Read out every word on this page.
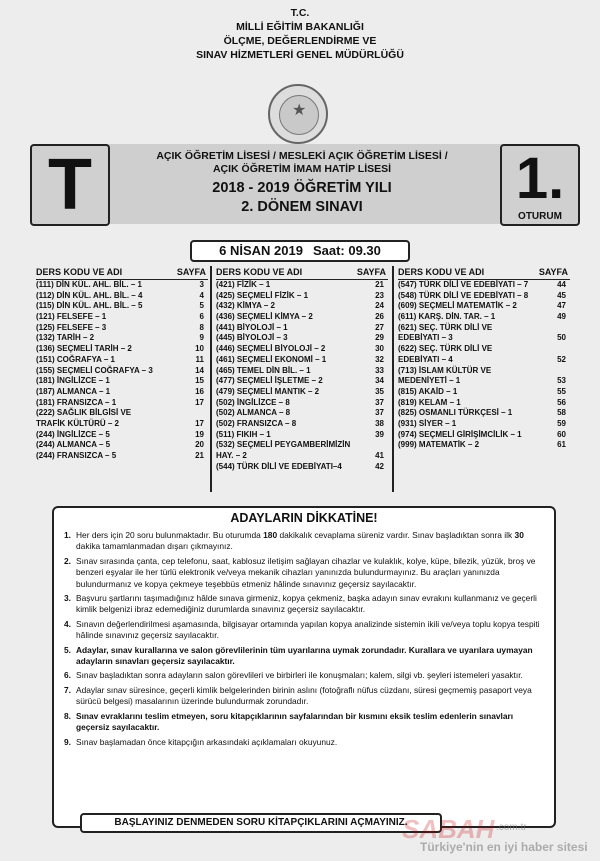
T.C.
MİLLİ EĞİTİM BAKANLIĞI
ÖLÇME, DEĞERLENDİRME VE
SINAV HİZMETLERİ GENEL MÜDÜRLÜĞÜ
★
T	1.
OTURUM
AÇIK ÖĞRETİM LİSESİ / MESLEKİ AÇIK ÖĞRETİM LİSESİ /
AÇIK ÖĞRETİM İMAM HATİP LİSESİ
2018 - 2019 ÖĞRETİM YILI
2. DÖNEM SINAVI
6 NİSAN 2019 Saat: 09.30
DERS KODU VE ADI	SAYFA
(111) DİN KÜL. AHL. BİL. – 1	3
(112) DİN KÜL. AHL. BİL. – 4	4
(115) DİN KÜL. AHL. BİL. – 5	5
(121) FELSEFE – 1	6
(125) FELSEFE – 3	8
(132) TARİH – 2	9
(136) SEÇMELİ TARİH – 2	10
(151) COĞRAFYA – 1	11
(155) SEÇMELİ COĞRAFYA – 3	14
(181) İNGİLİZCE – 1	15
(187) ALMANCA – 1	16
(181) FRANSIZCA – 1	17
(222) SAĞLIK BİLGİSİ VE
TRAFİK KÜLTÜRÜ – 2	17
(244) İNGİLİZCE – 5	19
(244) ALMANCA – 5	20
(244) FRANSIZCA – 5	21
DERS KODU VE ADI	SAYFA
(421) FİZİK – 1	21
(425) SEÇMELİ FİZİK – 1	23
(432) KİMYA – 2	24
(436) SEÇMELİ KİMYA – 2	26
(441) BİYOLOJİ – 1	27
(445) BİYOLOJİ – 3	29
(446) SEÇMELİ BİYOLOJİ – 2	30
(461) SEÇMELİ EKONOMİ – 1	32
(465) TEMEL DİN BİL. – 1	33
(477) SEÇMELİ İŞLETME – 2	34
(479) SEÇMELİ MANTIK – 2	35
(502) İNGİLİZCE – 8	37
(502) ALMANCA – 8	37
(502) FRANSIZCA – 8	38
(511) FIKIH – 1	39
(532) SEÇMELİ PEYGAMBERİMİZİN
HAY. – 2	41
(544) TÜRK DİLİ VE EDEBİYATI–4	42
DERS KODU VE ADI	SAYFA
(547) TÜRK DİLİ VE EDEBİYATI – 7	44
(548) TÜRK DİLİ VE EDEBİYATI – 8	45
(609) SEÇMELİ MATEMATİK – 2	47
(611) KARŞ. DİN. TAR. – 1	49
(621) SEÇ. TÜRK DİLİ VE
EDEBİYATI – 3	50
(622) SEÇ. TÜRK DİLİ VE
EDEBİYATI – 4	52
(713) İSLAM KÜLTÜR VE
MEDENİYETİ – 1	53
(815) AKAİD – 1	55
(819) KELAM – 1	56
(825) OSMANLI TÜRKÇESİ – 1	58
(931) SİYER – 1	59
(974) SEÇMELİ GİRİŞİMCİLİK – 1	60
(999) MATEMATİK – 2	61
ADAYLARIN DİKKATİNE!
1. Her ders için 20 soru bulunmaktadır. Bu oturumda 180 dakikalık cevaplama süreniz vardır. Sınav başladıktan sonra ilk 30 dakika tamamlanmadan dışarı çıkmayınız.
2. Sınav sırasında çanta, cep telefonu, saat, kablosuz iletişim sağlayan cihazlar ve kulaklık, kolye, küpe, bilezik, yüzük, broş ve benzeri eşyalar ile her türlü elektronik ve/veya mekanik cihazları yanınızda bulundurmayınız. Bu araçları yanınızda bulundurmanız ve kopya çekmeye teşebbüs etmeniz hâlinde sınavınız geçersiz sayılacaktır.
3. Başvuru şartlarını taşımadığınız hâlde sınava girmeniz, kopya çekmeniz, başka adayın sınav evrakını kullanmanız ve geçerli kimlik belgenizi ibraz edemediğiniz durumlarda sınavınız geçersiz sayılacaktır.
4. Sınavın değerlendirilmesi aşamasında, bilgisayar ortamında yapılan kopya analizinde sistemin ikili ve/veya toplu kopya tespiti hâlinde sınavınız geçersiz sayılacaktır.
5. Adaylar, sınav kurallarına ve salon görevlilerinin tüm uyarılarına uymak zorundadır. Kurallara ve uyarılara uymayan adayların sınavları geçersiz sayılacaktır.
6. Sınav başladıktan sonra adayların salon görevlileri ve birbirleri ile konuşmaları; kalem, silgi vb. şeyleri istemeleri yasaktır.
7. Adaylar sınav süresince, geçerli kimlik belgelerinden birinin aslını (fotoğraflı nüfus cüzdanı, süresi geçmemiş pasaport veya sürücü belgesi) masalarının üzerinde bulundurmak zorundadır.
8. Sınav evraklarını teslim etmeyen, soru kitapçıklarının sayfalarından bir kısmını eksik teslim edenlerin sınavları geçersiz sayılacaktır.
9. Sınav başlamadan önce kitapçığın arkasındaki açıklamaları okuyunuz.
BAŞLAYINIZ DENMEDEN SORU KİTAPÇIKLARINI AÇMAYINIZ.
SABAH .com.tr
Türkiye'nin en iyi haber sitesi
